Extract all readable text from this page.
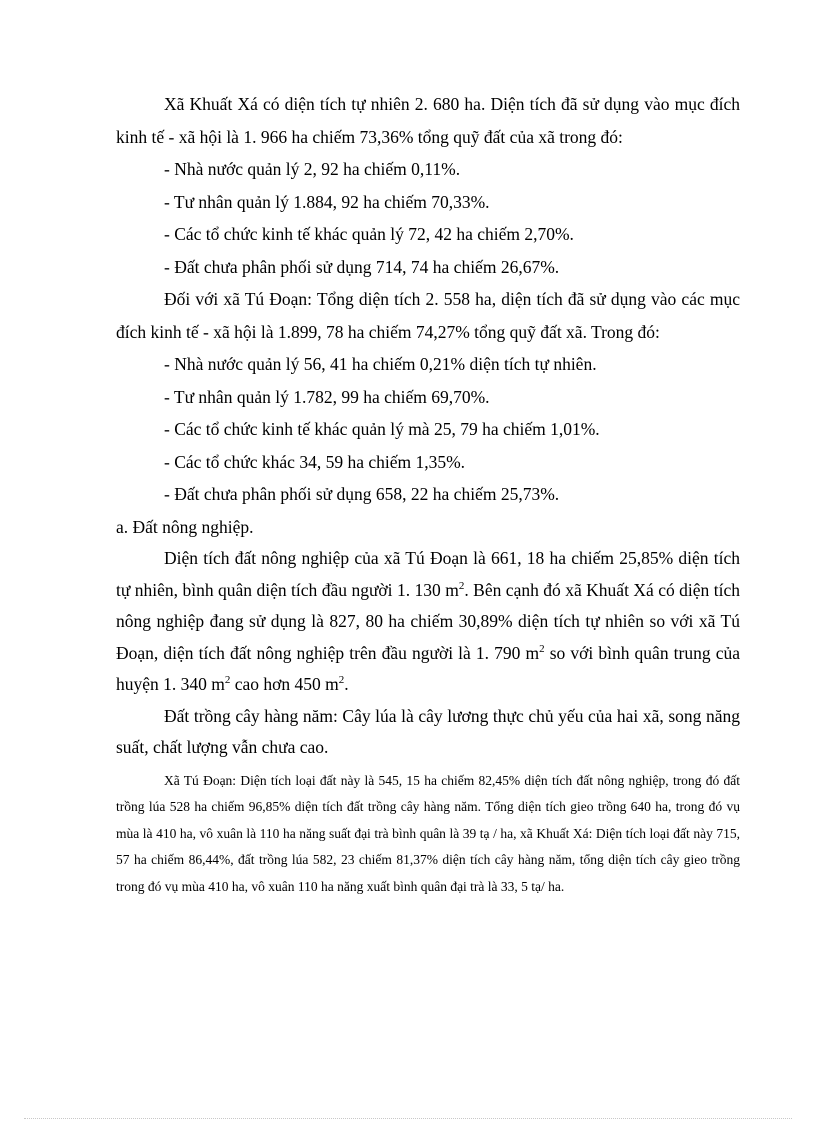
Xã Khuất Xá có diện tích tự nhiên 2. 680 ha. Diện tích đã sử dụng vào mục đích kinh tế - xã hội là 1. 966 ha chiếm 73,36% tổng quỹ đất của xã trong đó:

- Nhà nước quản lý 2, 92 ha chiếm 0,11%.

- Tư nhân quản lý 1.884, 92 ha chiếm 70,33%.

- Các tổ chức kinh tế khác quản lý 72, 42 ha chiếm 2,70%.

- Đất chưa phân phối sử dụng 714, 74 ha chiếm 26,67%.

Đối với xã Tú Đoạn: Tổng diện tích 2. 558 ha, diện tích đã sử dụng vào các mục đích kinh tế - xã hội là 1.899, 78 ha chiếm 74,27% tổng quỹ đất xã. Trong đó:

- Nhà nước quản lý 56, 41 ha chiếm 0,21% diện tích tự nhiên.

- Tư nhân quản lý 1.782, 99 ha chiếm 69,70%.

- Các tổ chức kinh tế khác quản lý mà 25, 79 ha chiếm 1,01%.

- Các tổ chức khác 34, 59 ha chiếm 1,35%.

- Đất chưa phân phối sử dụng 658, 22 ha chiếm 25,73%.

a. Đất nông nghiệp.

Diện tích đất nông nghiệp của xã Tú Đoạn là 661, 18 ha chiếm 25,85% diện tích tự nhiên, bình quân diện tích đầu người 1. 130 $m^2$. Bên cạnh đó xã Khuất Xá có diện tích nông nghiệp đang sử dụng là 827, 80 ha chiếm 30,89% diện tích tự nhiên so với xã Tú Đoạn, diện tích đất nông nghiệp trên đầu người là 1. 790 $m^2$ so với bình quân trung của huyện 1. 340 $m^2$ cao hơn 450 $m^2$.

Đất trồng cây hàng năm: Cây lúa là cây lương thực chủ yếu của hai xã, song năng suất, chất lượng vẫn chưa cao.

Xã Tú Đoạn: Diện tích loại đất này là 545, 15 ha chiếm 82,45% diện tích đất nông nghiệp, trong đó đất trồng lúa 528 ha chiếm 96,85% diện tích đất trồng cây hàng năm. Tổng diện tích gieo trồng 640 ha, trong đó vụ mùa là 410 ha, vô xuân là 110 ha năng suất đại trà bình quân là 39 tạ / ha, xã Khuất Xá: Diện tích loại đất này 715, 57 ha chiếm 86,44%, đất trồng lúa 582, 23 chiếm 81,37% diện tích cây hàng năm, tổng diện tích cây gieo trồng trong đó vụ mùa 410 ha, vô xuân 110 ha năng xuất bình quân đại trà là 33, 5 tạ/ ha.
